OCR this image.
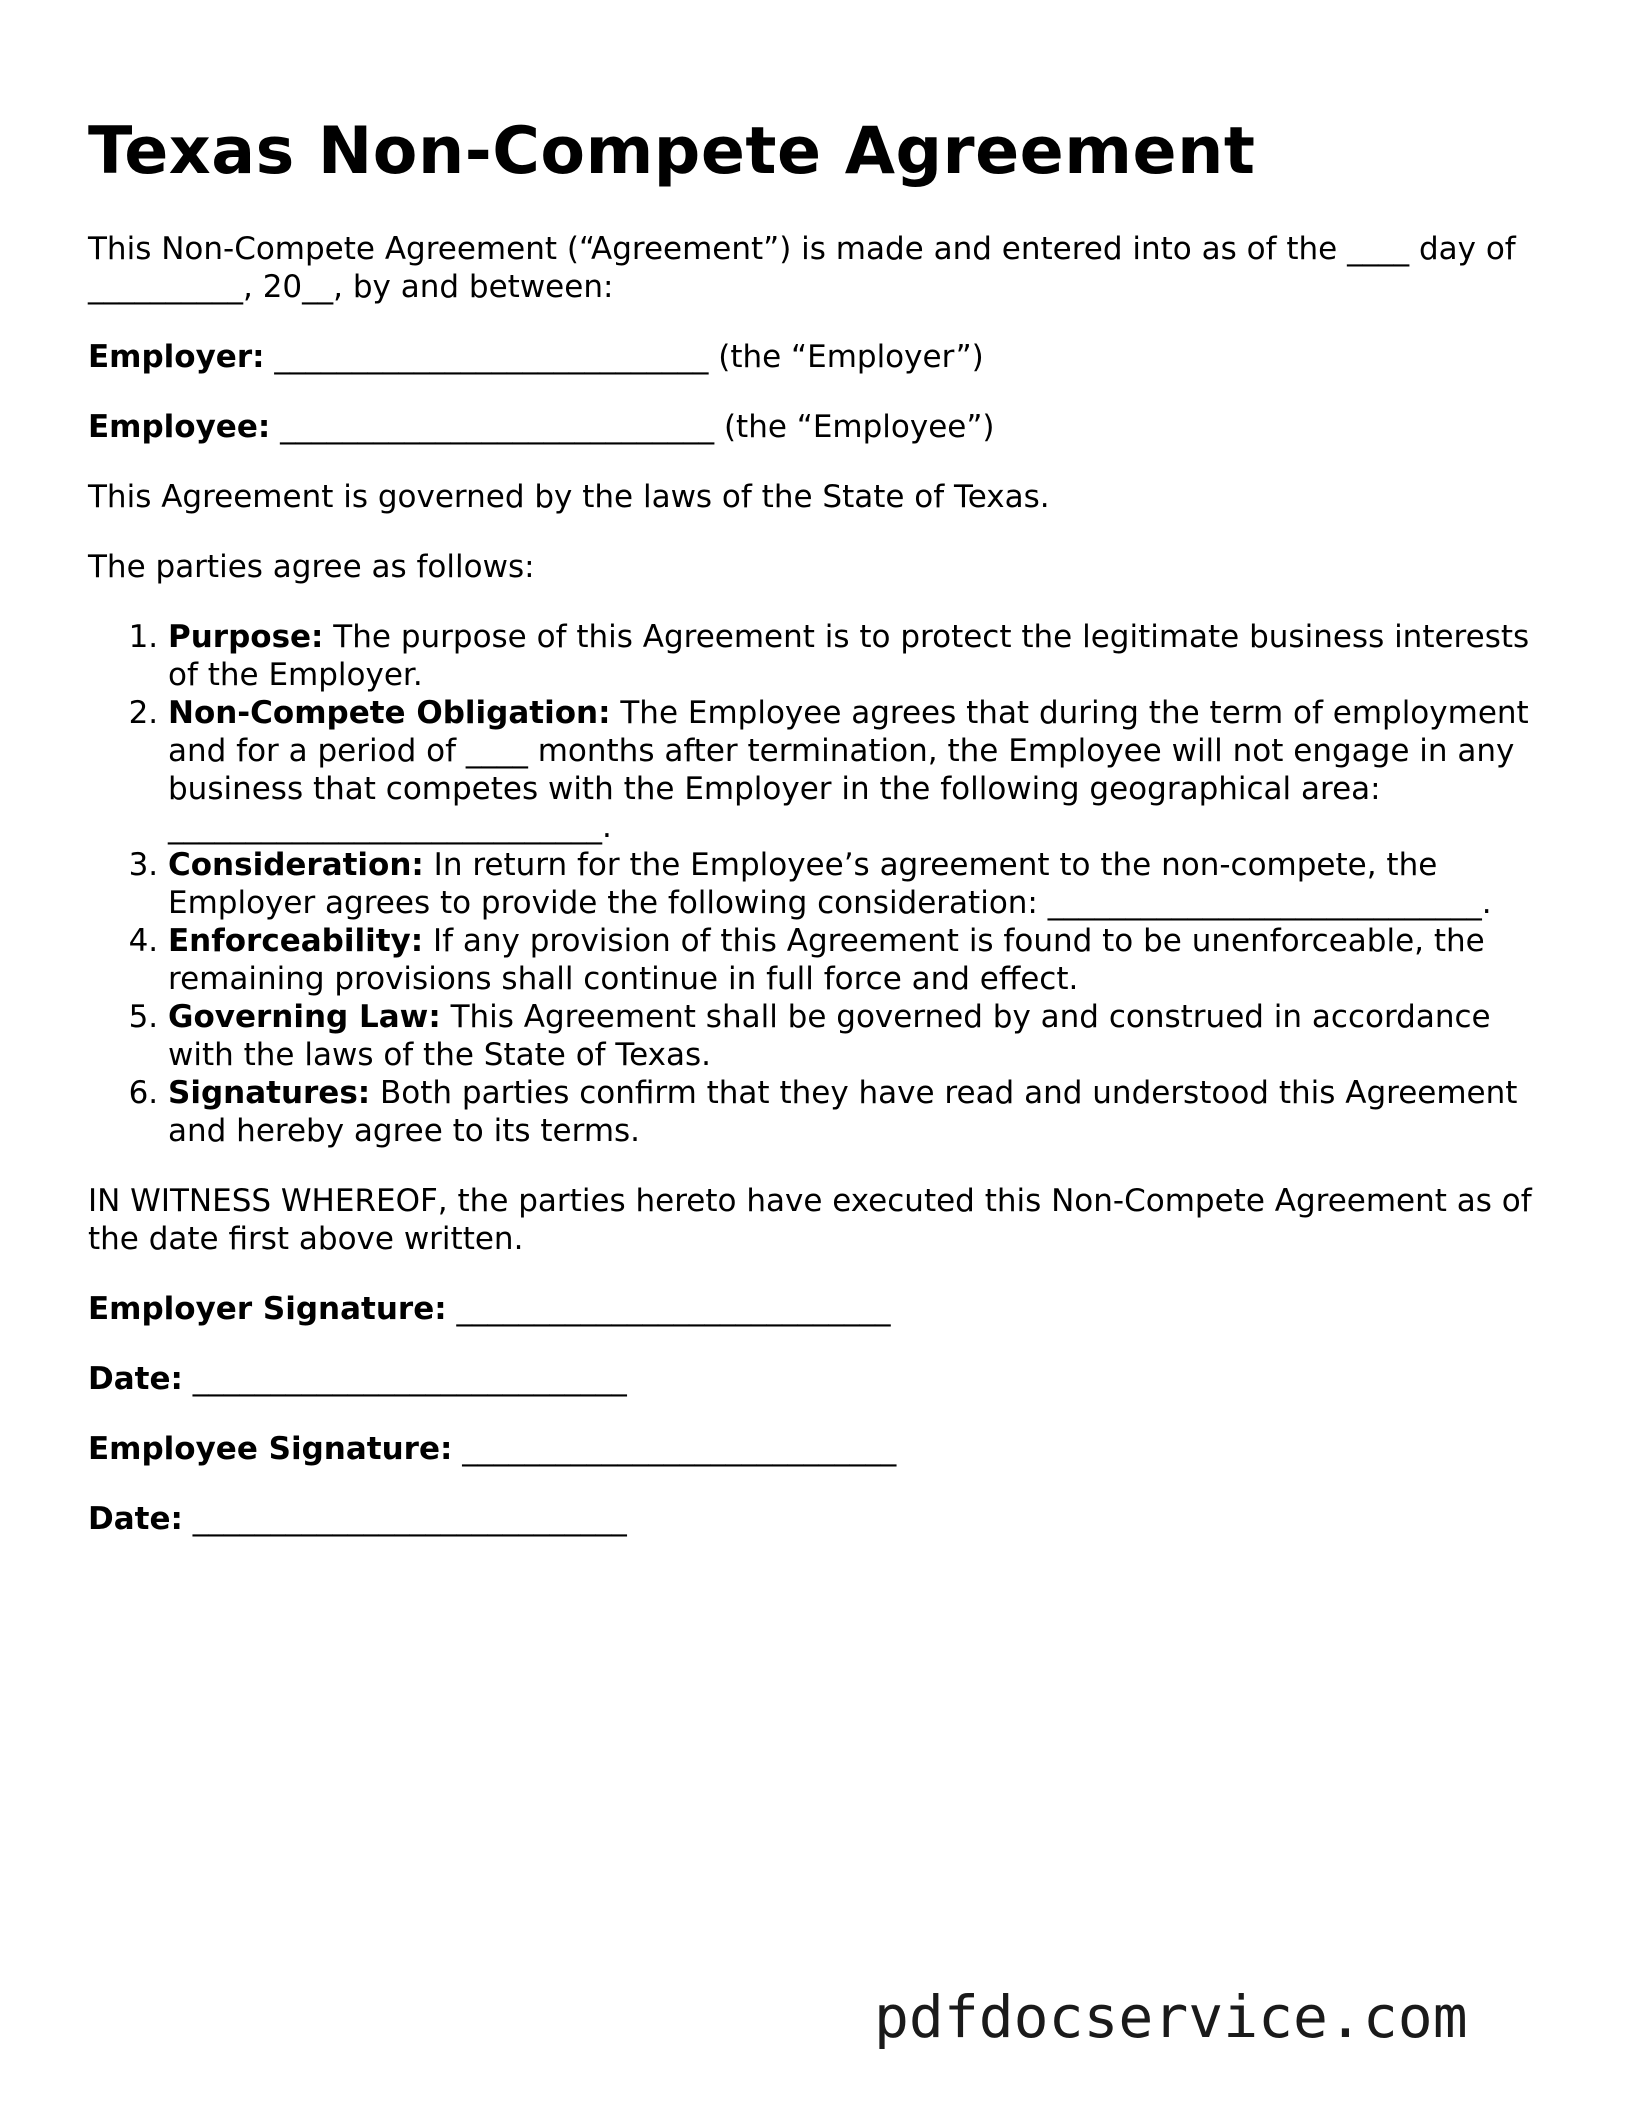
Texas Non-Compete Agreement

This Non-Compete Agreement (“Agreement”) is made and entered into as of the ____ day of __________, 20__, by and between:

Employer: ____________________________ (the “Employer”)

Employee: ____________________________ (the “Employee”)

This Agreement is governed by the laws of the State of Texas.

The parties agree as follows:

1. Purpose: The purpose of this Agreement is to protect the legitimate business interests of the Employer.
2. Non-Compete Obligation: The Employee agrees that during the term of employment and for a period of ____ months after termination, the Employee will not engage in any business that competes with the Employer in the following geographical area: ____________________________.
3. Consideration: In return for the Employee’s agreement to the non-compete, the Employer agrees to provide the following consideration: ____________________________.
4. Enforceability: If any provision of this Agreement is found to be unenforceable, the remaining provisions shall continue in full force and effect.
5. Governing Law: This Agreement shall be governed by and construed in accordance with the laws of the State of Texas.
6. Signatures: Both parties confirm that they have read and understood this Agreement and hereby agree to its terms.

IN WITNESS WHEREOF, the parties hereto have executed this Non-Compete Agreement as of the date first above written.

Employer Signature: ____________________________

Date: ____________________________

Employee Signature: ____________________________

Date: ____________________________

pdfdocservice.com
